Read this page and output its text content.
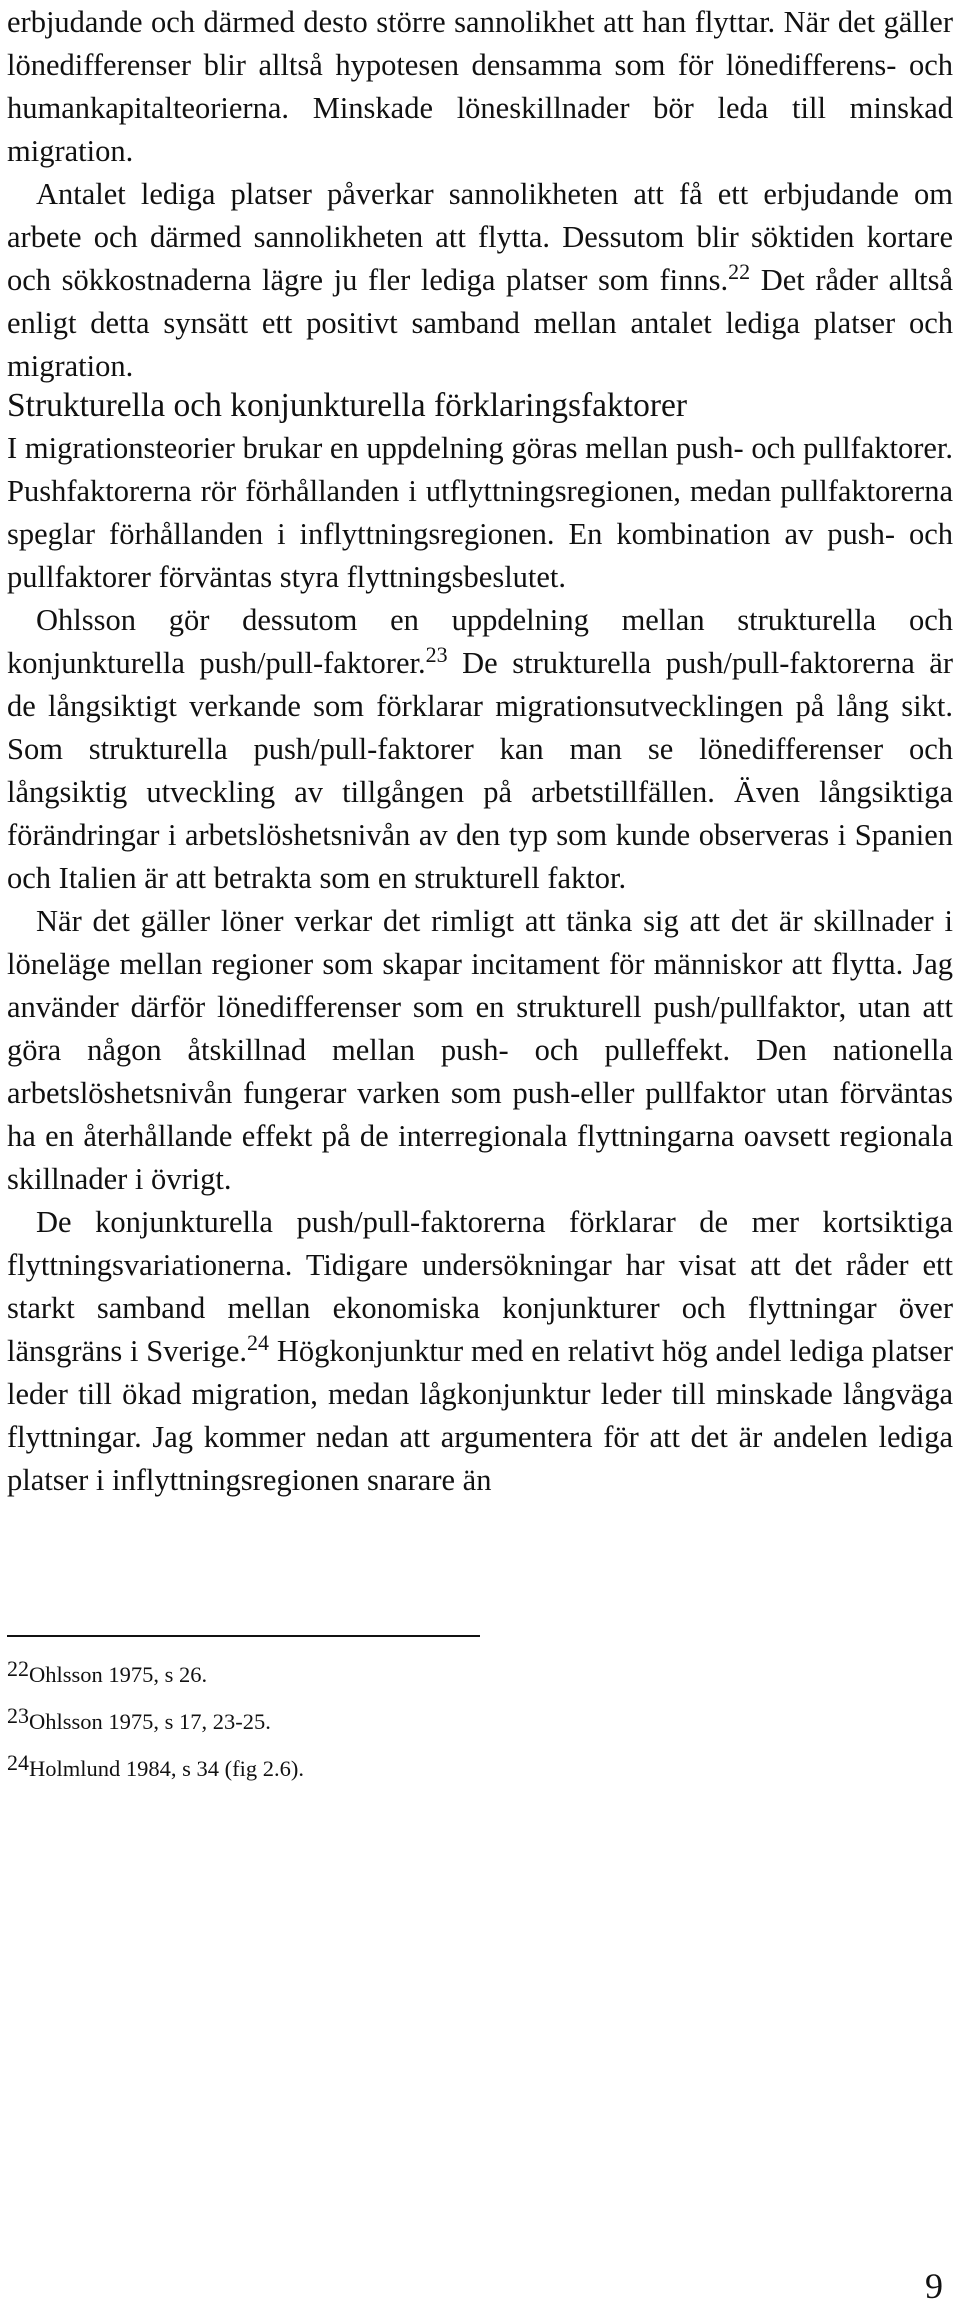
erbjudande och därmed desto större sannolikhet att han flyttar. När det gäller lönedifferenser blir alltså hypotesen densamma som för lönedifferens- och humankapitalteorierna. Minskade löneskillnader bör leda till minskad migration.

Antalet lediga platser påverkar sannolikheten att få ett erbjudande om arbete och därmed sannolikheten att flytta. Dessutom blir söktiden kortare och sökkostnaderna lägre ju fler lediga platser som finns.$^{22}$ Det råder alltså enligt detta synsätt ett positivt samband mellan antalet lediga platser och migration.

Strukturella och konjunkturella förklaringsfaktorer

I migrationsteorier brukar en uppdelning göras mellan push- och pullfaktorer. Pushfaktorerna rör förhållanden i utflyttningsregionen, medan pullfaktorerna speglar förhållanden i inflyttningsregionen. En kombination av push- och pullfaktorer förväntas styra flyttningsbeslutet.

Ohlsson gör dessutom en uppdelning mellan strukturella och konjunkturella push/pull-faktorer.$^{23}$ De strukturella push/pull-faktorerna är de långsiktigt verkande som förklarar migrationsutvecklingen på lång sikt. Som strukturella push/pull-faktorer kan man se lönedifferenser och långsiktig utveckling av tillgången på arbetstillfällen. Även långsiktiga förändringar i arbetslöshetsnivån av den typ som kunde observeras i Spanien och Italien är att betrakta som en strukturell faktor.

När det gäller löner verkar det rimligt att tänka sig att det är skillnader i löneläge mellan regioner som skapar incitament för människor att flytta. Jag använder därför lönedifferenser som en strukturell push/pullfaktor, utan att göra någon åtskillnad mellan push- och pulleffekt. Den nationella arbetslöshetsnivån fungerar varken som push-eller pullfaktor utan förväntas ha en återhållande effekt på de interregionala flyttningarna oavsett regionala skillnader i övrigt.

De konjunkturella push/pull-faktorerna förklarar de mer kortsiktiga flyttningsvariationerna. Tidigare undersökningar har visat att det råder ett starkt samband mellan ekonomiska konjunkturer och flyttningar över länsgräns i Sverige.$^{24}$ Högkonjunktur med en relativt hög andel lediga platser leder till ökad migration, medan lågkonjunktur leder till minskade långväga flyttningar. Jag kommer nedan att argumentera för att det är andelen lediga platser i inflyttningsregionen snarare än

22Ohlsson 1975, s 26.
23Ohlsson 1975, s 17, 23-25.
24Holmlund 1984, s 34 (fig 2.6).
9
